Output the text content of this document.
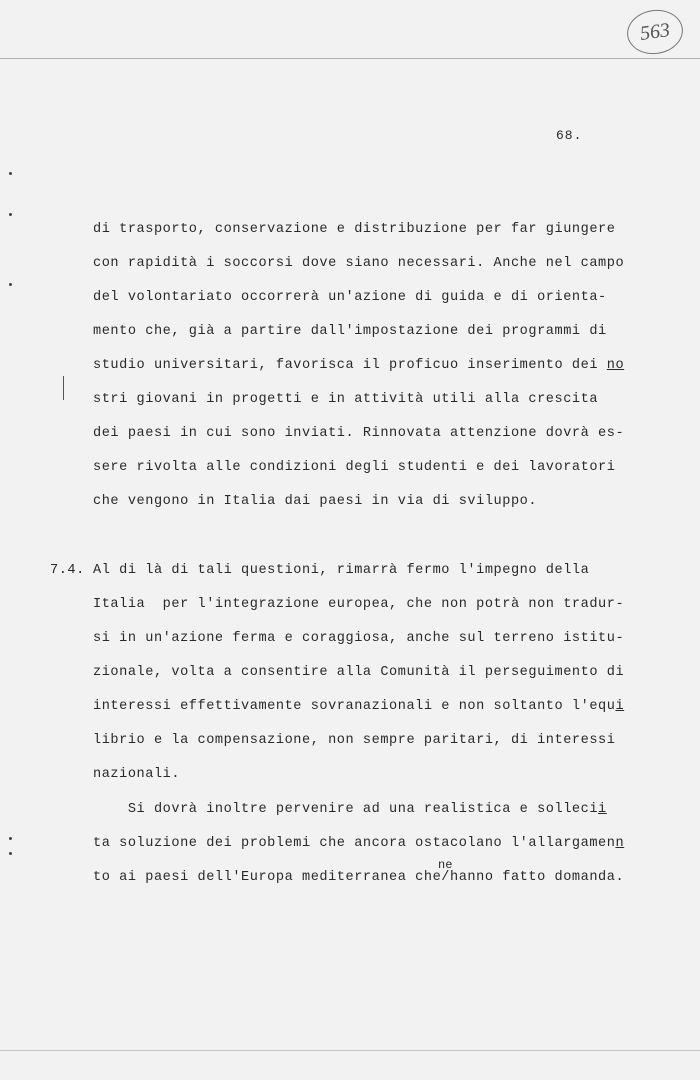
563
68.
di trasporto, conservazione e distribuzione per far giungere
con rapidità i soccorsi dove siano necessari. Anche nel campo
del volontariato occorrerà un'azione di guida e di orienta-
mento che, già a partire dall'impostazione dei programmi di
studio universitari, favorisca il proficuo inserimento dei no
stri giovani in progetti e in attività utili alla crescita
dei paesi in cui sono inviati. Rinnovata attenzione dovrà es-
sere rivolta alle condizioni degli studenti e dei lavoratori
che vengono in Italia dai paesi in via di sviluppo.
7.4. Al di là di tali questioni, rimarrà fermo l'impegno della
Italia  per l'integrazione europea, che non potrà non tradur-
si in un'azione ferma e coraggiosa, anche sul terreno istitu-
zionale, volta a consentire alla Comunità il perseguimento di
interessi effettivamente sovranazionali e non soltanto l'equi
librio e la compensazione, non sempre paritari, di interessi
nazionali.
Si dovrà inoltre pervenire ad una realistica e sollecii
ta soluzione dei problemi che ancora ostacolano l'allargamenn
ne
to ai paesi dell'Europa mediterranea che/hanno fatto domanda.
